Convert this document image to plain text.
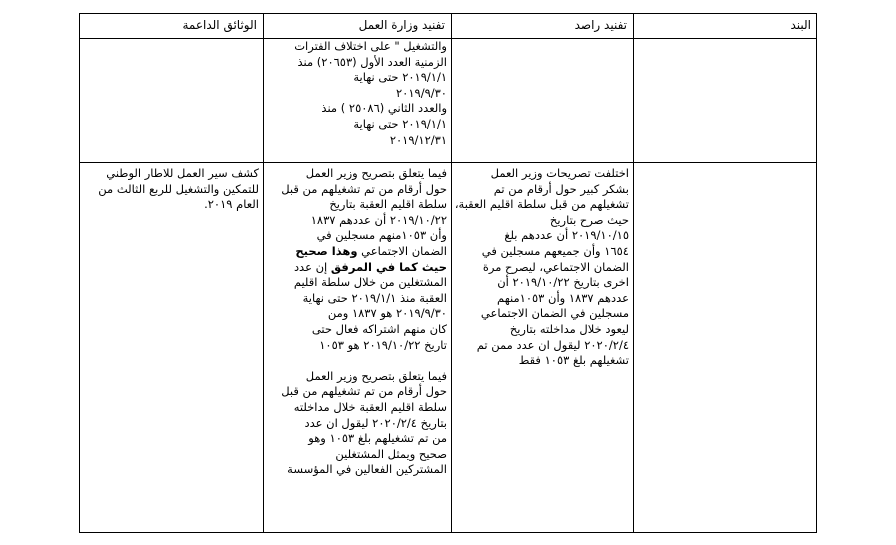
البند
تفنيد راصد
تفنيد وزارة العمل
الوثائق الداعمة
والتشغيل " على اختلاف الفترات
الزمنية العدد الأول (٢٠٦٥٣) منذ
٢٠١٩/١/١ حتى نهاية
٢٠١٩/٩/٣٠
والعدد الثاني (٢٥٠٨٦ ) منذ
٢٠١٩/١/١ حتى نهاية
٢٠١٩/١٢/٣١
اختلفت تصريحات وزير العمل
بشكر كبير حول أرقام من تم
تشغيلهم من قبل سلطة اقليم العقبة،
حيث صرح بتاريخ
٢٠١٩/١٠/١٥ أن عددهم بلغ
١٦٥٤ وأن جميعهم مسجلين في
الضمان الاجتماعي، ليصرح مرة
اخرى بتاريخ ٢٠١٩/١٠/٢٢ أن
عددهم ١٨٣٧ وأن ١٠٥٣منهم
مسجلين في الضمان الاجتماعي
ليعود خلال مداخلته بتاريخ
٢٠٢٠/٢/٤ ليقول ان عدد ممن تم
تشغيلهم بلغ ١٠٥٣ فقط
فيما يتعلق بتصريح وزير العمل
حول أرقام من تم تشغيلهم من قبل
سلطة اقليم العقبة بتاريخ
٢٠١٩/١٠/٢٢ أن عددهم ١٨٣٧
وأن ١٠٥٣منهم مسجلين في
الضمان الاجتماعي وهذا صحيح
حيث كما في المرفق إن عدد
المشتغلين من خلال سلطة اقليم
العقبة منذ ٢٠١٩/١/١ حتى نهاية
٢٠١٩/٩/٣٠ هو ١٨٣٧ ومن
كان منهم اشتراكه فعال حتى
تاريخ ٢٠١٩/١٠/٢٢ هو ١٠٥٣
فيما يتعلق بتصريح وزير العمل
حول أرقام من تم تشغيلهم من قبل
سلطة اقليم العقبة خلال مداخلته
بتاريخ ٢٠٢٠/٢/٤ ليقول ان عدد
من تم تشغيلهم بلغ ١٠٥٣ وهو
صحيح ويمثل المشتغلين
المشتركين الفعالين في المؤسسة
كشف سير العمل للاطار الوطني
للتمكين والتشغيل للربع الثالث من
العام ٢٠١٩.
